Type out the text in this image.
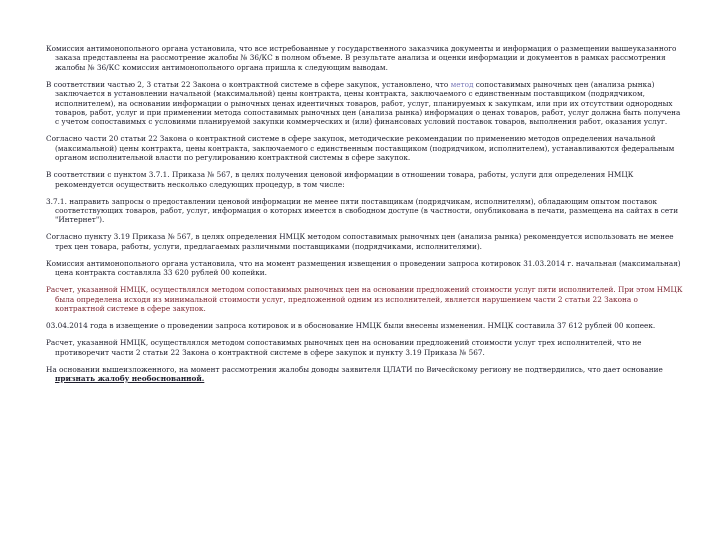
Комиссия антимонопольного органа установила, что все истребованные у государственного заказчика документы и информация о размещении вышеуказанного заказа представлены на рассмотрение жалобы № 36/КС в полном объеме. В результате анализа и оценки информации и документов в рамках рассмотрения жалобы № 36/КС комиссия антимонопольного органа пришла к следующим выводам.

В соответствии частью 2, 3 статьи 22 Закона о контрактной системе в сфере закупок, установлено, что метод сопоставимых рыночных цен (анализа рынка) заключается в установлении начальной (максимальной) цены контракта, цены контракта, заключаемого с единственным поставщиком (подрядчиком, исполнителем), на основании информации о рыночных ценах идентичных товаров, работ, услуг, планируемых к закупкам, или при их отсутствии однородных товаров, работ, услуг и при применении метода сопоставимых рыночных цен (анализа рынка) информация о ценах товаров, работ, услуг должна быть получена с учетом сопоставимых с условиями планируемой закупки коммерческих и (или) финансовых условий поставок товаров, выполнения работ, оказания услуг.

Согласно части 20 статьи 22 Закона о контрактной системе в сфере закупок, методические рекомендации по применению методов определения начальной (максимальной) цены контракта, цены контракта, заключаемого с единственным поставщиком (подрядчиком, исполнителем), устанавливаются федеральным органом исполнительной власти по регулированию контрактной системы в сфере закупок.

В соответствии с пунктом 3.7.1. Приказа № 567, в целях получения ценовой информации в отношении товара, работы, услуги для определения НМЦК рекомендуется осуществить несколько следующих процедур, в том числе:

3.7.1. направить запросы о предоставлении ценовой информации не менее пяти поставщикам (подрядчикам, исполнителям), обладающим опытом поставок соответствующих товаров, работ, услуг, информация о которых имеется в свободном доступе (в частности, опубликована в печати, размещена на сайтах в сети "Интернет").

Согласно пункту 3.19 Приказа № 567, в целях определения НМЦК методом сопоставимых рыночных цен (анализа рынка) рекомендуется использовать не менее трех цен товара, работы, услуги, предлагаемых различными поставщиками (подрядчиками, исполнителями).

Комиссия антимонопольного органа установила, что на момент размещения извещения о проведении запроса котировок 31.03.2014 г. начальная (максимальная) цена контракта составляла 33 620 рублей 00 копейки.

Расчет, указанной НМЦК, осуществлялся методом сопоставимых рыночных цен на основании предложений стоимости услуг пяти исполнителей. При этом НМЦК была определена исходя из минимальной стоимости услуг, предложенной одним из исполнителей, является нарушением части 2 статьи 22 Закона о контрактной системе в сфере закупок.

03.04.2014 года в извещение о проведении запроса котировок и в обоснование НМЦК были внесены изменения. НМЦК составила 37 612 рублей 00 копеек.

Расчет, указанной НМЦК, осуществлялся методом сопоставимых рыночных цен на основании предложений стоимости услуг трех исполнителей, что не противоречит части 2 статьи 22 Закона о контрактной системе в сфере закупок и пункту 3.19 Приказа № 567.

На основании вышеизложенного, на момент рассмотрения жалобы доводы заявителя ЦЛАТИ по Вичесйскому региону не подтвердились, что дает основание признать жалобу необоснованной.
